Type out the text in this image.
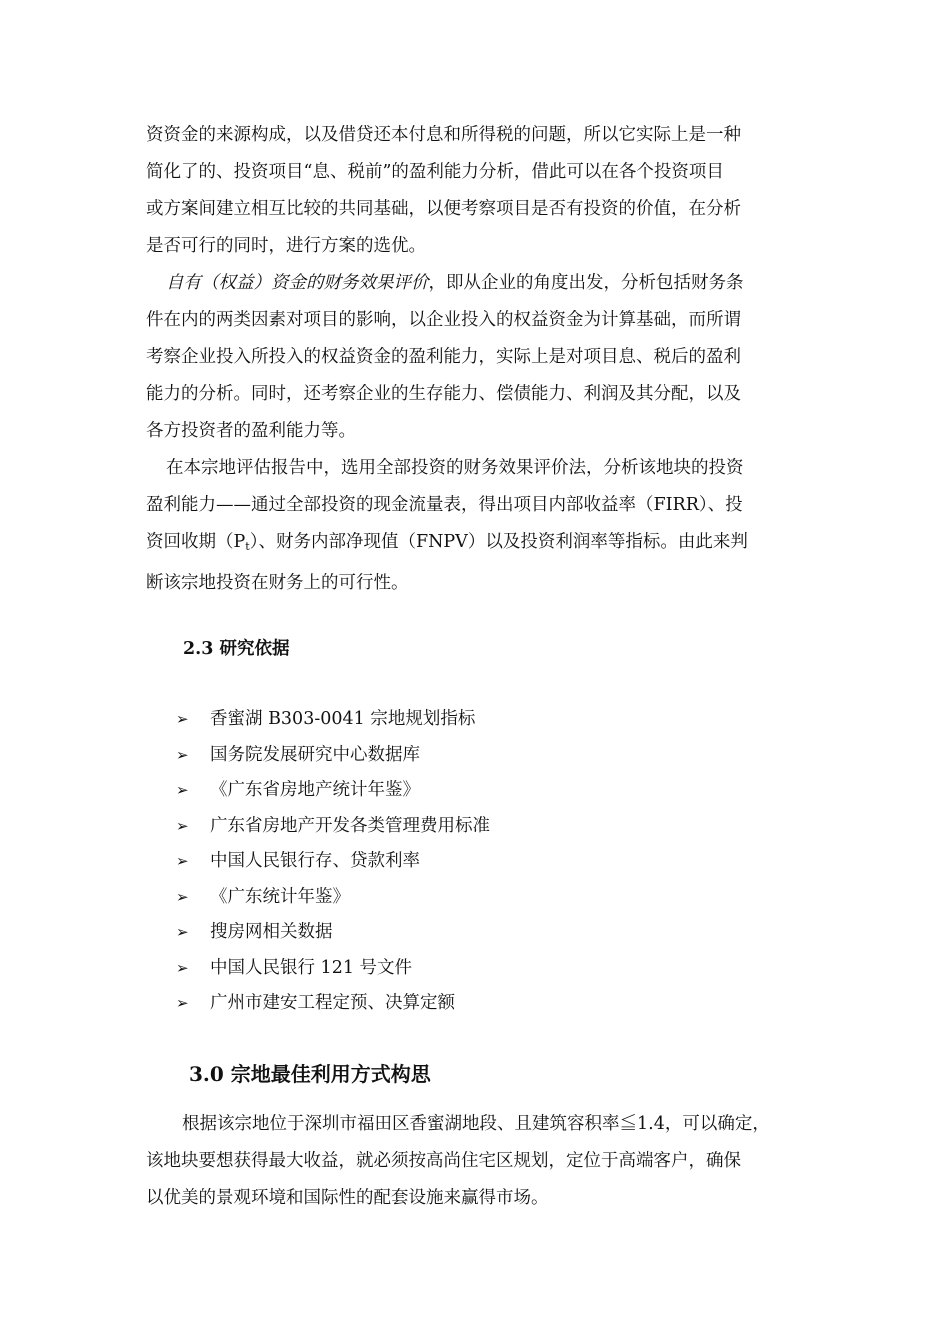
资资金的来源构成，以及借贷还本付息和所得税的问题，所以它实际上是一种
简化了的、投资项目“息、税前”的盈利能力分析，借此可以在各个投资项目
或方案间建立相互比较的共同基础，以便考察项目是否有投资的价值，在分析
是否可行的同时，进行方案的选优。

自有（权益）资金的财务效果评价，即从企业的角度出发，分析包括财务条
件在内的两类因素对项目的影响，以企业投入的权益资金为计算基础，而所谓
考察企业投入所投入的权益资金的盈利能力，实际上是对项目息、税后的盈利
能力的分析。同时，还考察企业的生存能力、偿债能力、利润及其分配，以及
各方投资者的盈利能力等。

在本宗地评估报告中，选用全部投资的财务效果评价法，分析该地块的投资
盈利能力——通过全部投资的现金流量表，得出项目内部收益率（FIRR）、投
资回收期$(P_t)$、财务内部净现值（FNPV）以及投资利润率等指标。由此来判
断该宗地投资在财务上的可行性。

2.3 研究依据
➢	香蜜湖 B303-0041 宗地规划指标
➢	国务院发展研究中心数据库
➢	《广东省房地产统计年鉴》
➢	广东省房地产开发各类管理费用标准
➢	中国人民银行存、贷款利率
➢	《广东统计年鉴》
➢	搜房网相关数据
➢	中国人民银行 121 号文件
➢	广州市建安工程定预、决算定额
3.0 宗地最佳利用方式构思

根据该宗地位于深圳市福田区香蜜湖地段、且建筑容积率≦1.4，可以确定，
该地块要想获得最大收益，就必须按高尚住宅区规划，定位于高端客户，确保
以优美的景观环境和国际性的配套设施来赢得市场。
